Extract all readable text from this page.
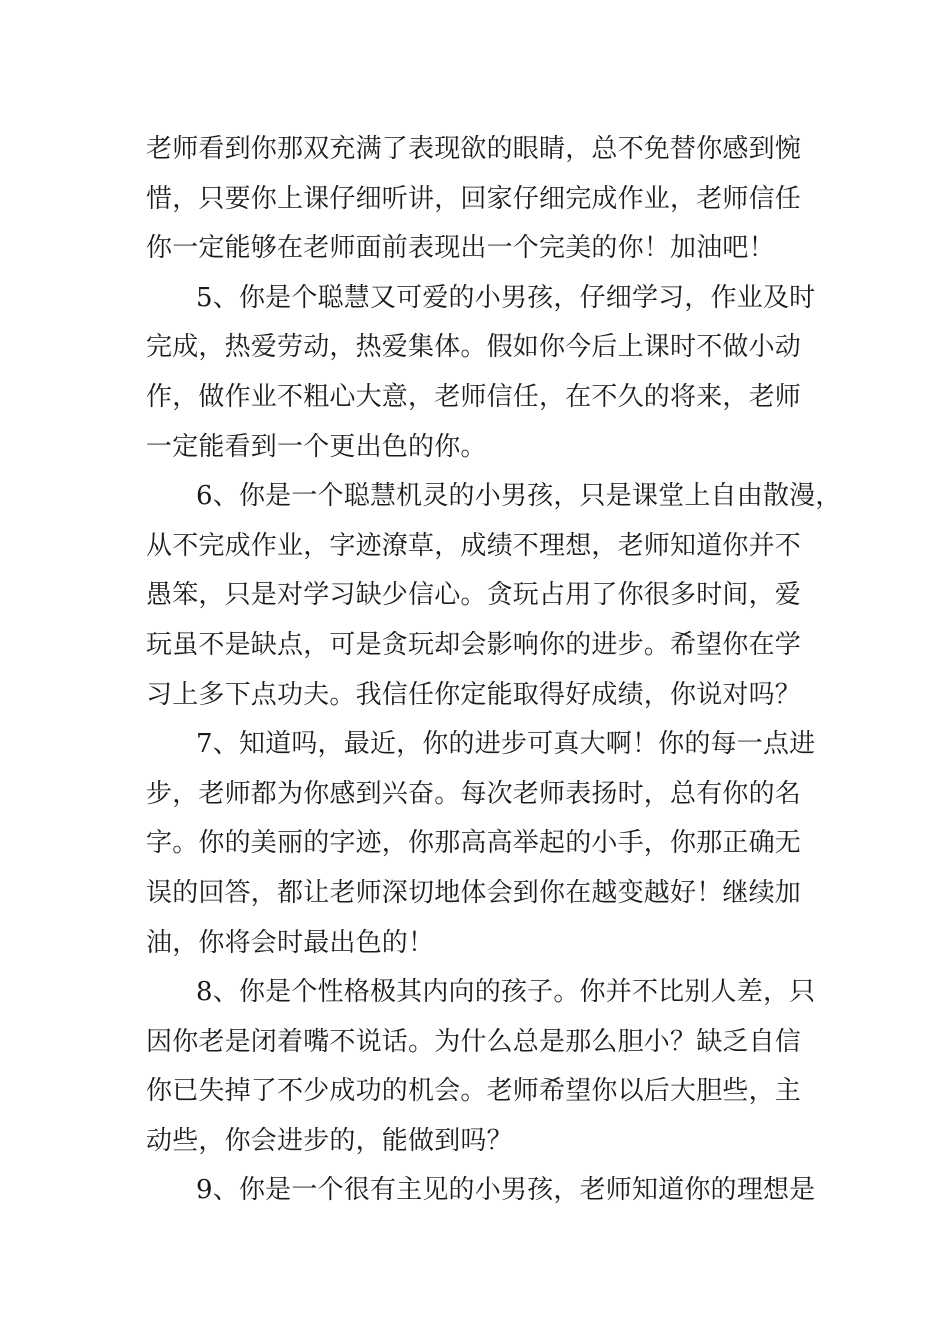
老师看到你那双充满了表现欲的眼睛，总不免替你感到惋
惜，只要你上课仔细听讲，回家仔细完成作业，老师信任
你一定能够在老师面前表现出一个完美的你！加油吧！
5、你是个聪慧又可爱的小男孩，仔细学习，作业及时
完成，热爱劳动，热爱集体。假如你今后上课时不做小动
作，做作业不粗心大意，老师信任，在不久的将来，老师
一定能看到一个更出色的你。
6、你是一个聪慧机灵的小男孩，只是课堂上自由散漫，
从不完成作业，字迹潦草，成绩不理想，老师知道你并不
愚笨，只是对学习缺少信心。贪玩占用了你很多时间，爱
玩虽不是缺点，可是贪玩却会影响你的进步。希望你在学
习上多下点功夫。我信任你定能取得好成绩，你说对吗？
7、知道吗，最近，你的进步可真大啊！你的每一点进
步，老师都为你感到兴奋。每次老师表扬时，总有你的名
字。你的美丽的字迹，你那高高举起的小手，你那正确无
误的回答，都让老师深切地体会到你在越变越好！继续加
油，你将会时最出色的！
8、你是个性格极其内向的孩子。你并不比别人差，只
因你老是闭着嘴不说话。为什么总是那么胆小？缺乏自信
你已失掉了不少成功的机会。老师希望你以后大胆些，主
动些，你会进步的，能做到吗？
9、你是一个很有主见的小男孩，老师知道你的理想是
